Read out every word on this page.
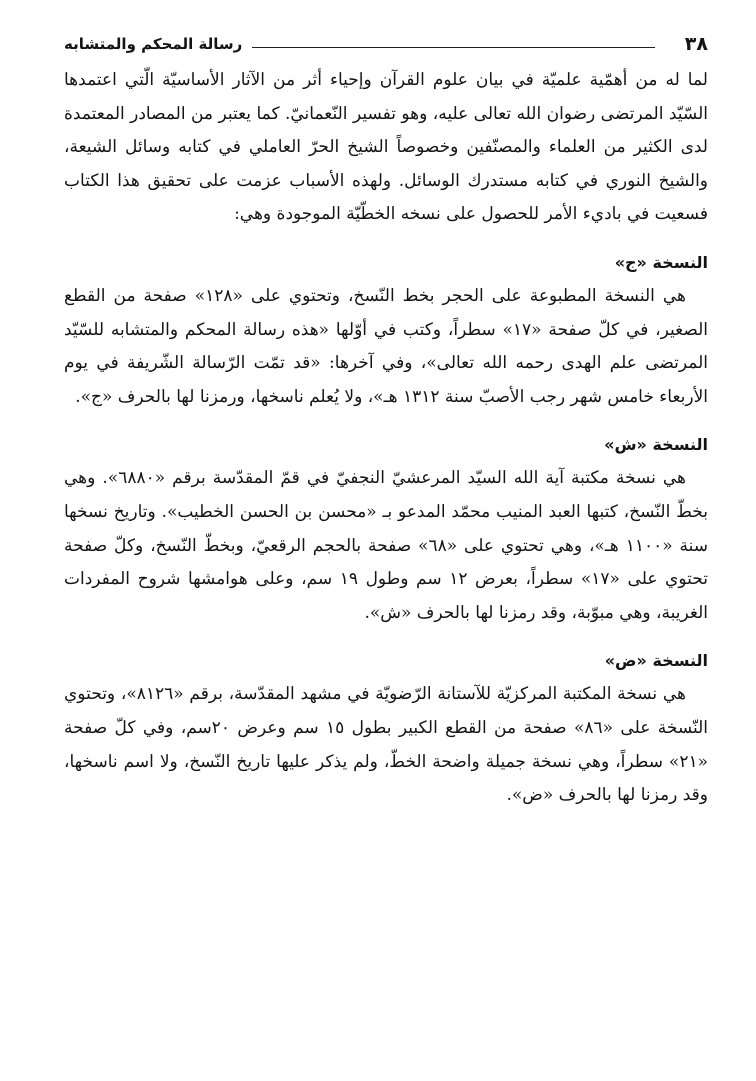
٣٨
رسالة المحكم والمتشابه

لما له من أهمّية علميّة في بيان علوم القرآن وإحياء أثر من الآثار الأساسيّة الّتي اعتمدها السّيّد المرتضى رضوان الله تعالى عليه، وهو تفسير النّعمانيّ. كما يعتبر من المصادر المعتمدة لدى الكثير من العلماء والمصنّفين وخصوصاً الشيخ الحرّ العاملي في كتابه وسائل الشيعة، والشيخ النوري في كتابه مستدرك الوسائل. ولهذه الأسباب عزمت على تحقيق هذا الكتاب فسعيت في باديء الأمر للحصول على نسخه الخطّيّة الموجودة وهي:

النسخة «ج»

هي النسخة المطبوعة على الحجر بخط النّسخ، وتحتوي على «١٢٨» صفحة من القطع الصغير، في كلّ صفحة «١٧» سطراً، وكتب في أوّلها «هذه رسالة المحكم والمتشابه للسّيّد المرتضى علم الهدى رحمه الله تعالى»، وفي آخرها: «قد تمّت الرّسالة الشّريفة في يوم الأربعاء خامس شهر رجب الأصبّ سنة ١٣١٢ هـ»، ولا يُعلم ناسخها، ورمزنا لها بالحرف «ج».

النسخة «ش»

هي نسخة مكتبة آية الله السيّد المرعشيّ النجفيّ في قمّ المقدّسة برقم «٦٨٨٠». وهي بخطّ النّسخ، كتبها العبد المنيب محمّد المدعو بـ «محسن بن الحسن الخطيب». وتاريخ نسخها سنة «١١٠٠ هـ»، وهي تحتوي على «٦٨» صفحة بالحجم الرقعيّ، وبخطّ النّسخ، وكلّ صفحة تحتوي على «١٧» سطراً، بعرض ١٢ سم وطول ١٩ سم، وعلى هوامشها شروح المفردات الغريبة، وهي مبوّبة، وقد رمزنا لها بالحرف «ش».

النسخة «ض»

هي نسخة المكتبة المركزيّة للآستانة الرّضويّة في مشهد المقدّسة، برقم «٨١٢٦»، وتحتوي النّسخة على «٨٦» صفحة من القطع الكبير بطول ١٥ سم وعرض ٢٠سم، وفي كلّ صفحة «٢١» سطراً، وهي نسخة جميلة واضحة الخطّ، ولم يذكر عليها تاريخ النّسخ، ولا اسم ناسخها، وقد رمزنا لها بالحرف «ض».
